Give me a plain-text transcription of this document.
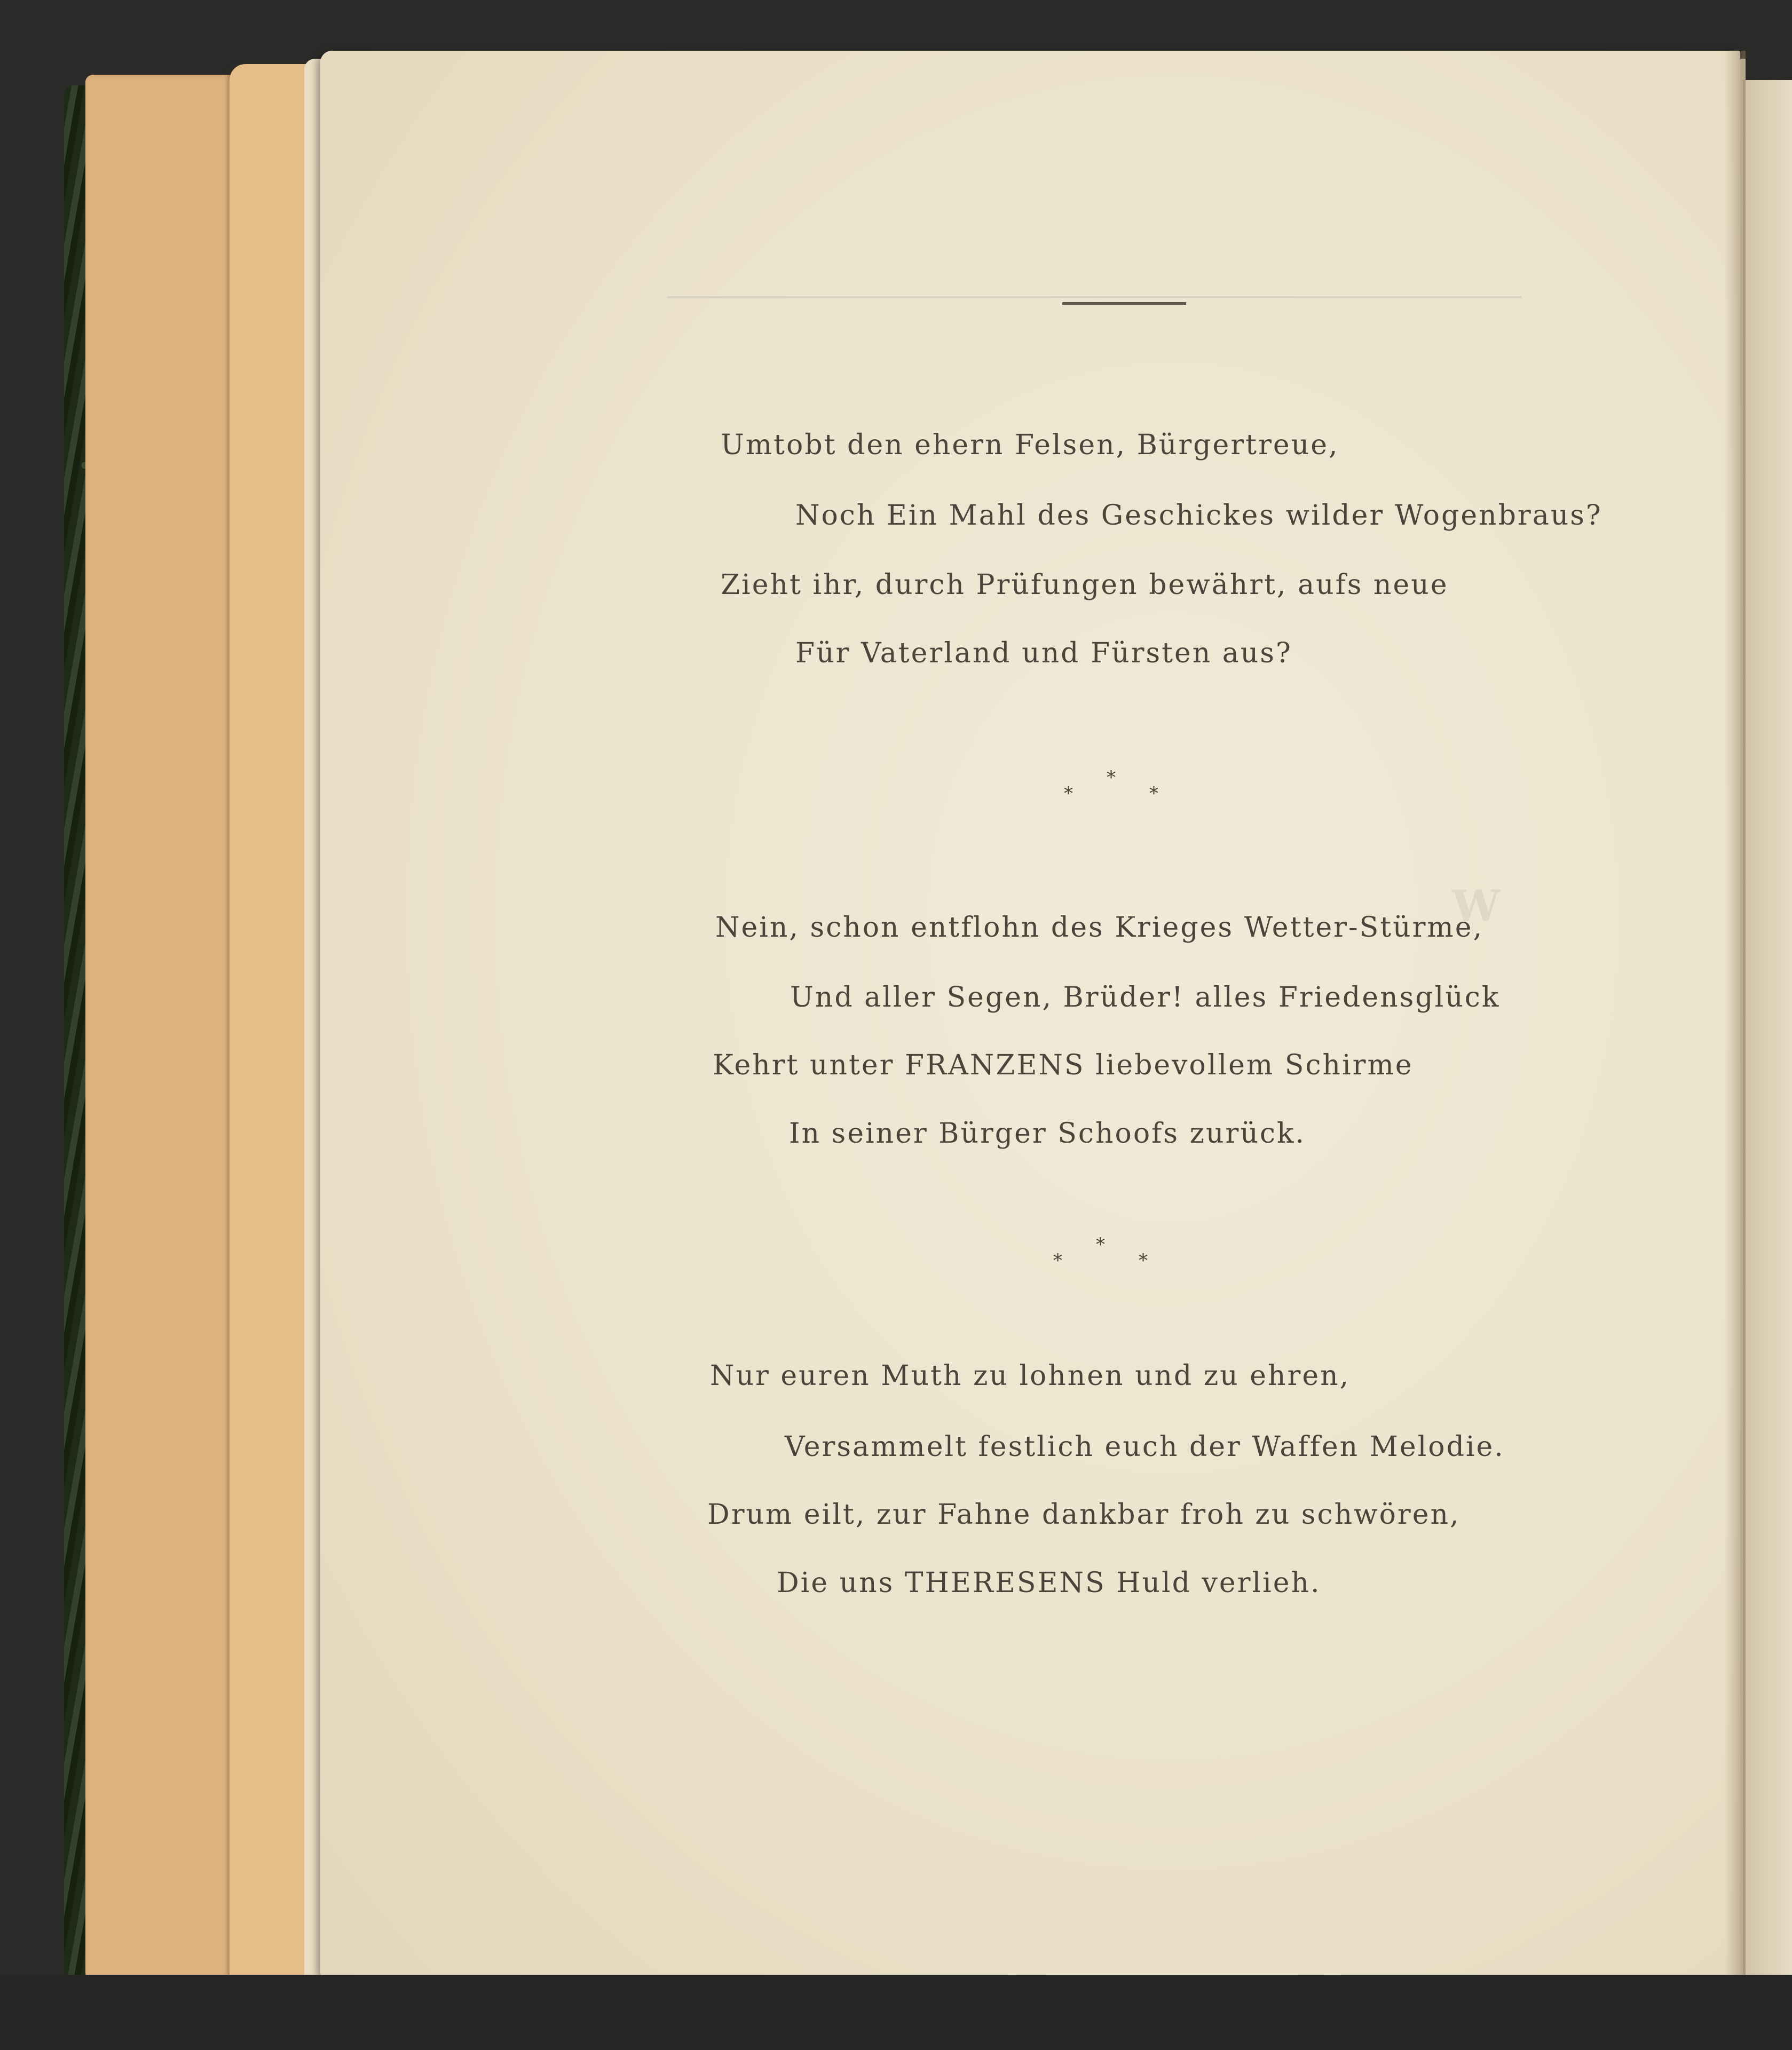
W

Umtobt den ehern Felsen, Bürgertreue,

Noch Ein Mahl des Geschickes wilder Wogenbraus?

Zieht ihr, durch Prüfungen bewährt, aufs neue

Für Vaterland und Fürsten aus?

*
*	*

Nein, schon entflohn des Krieges Wetter-Stürme,

Und aller Segen, Brüder! alles Friedensglück

Kehrt unter FRANZENS liebevollem Schirme

In seiner Bürger Schoofs zurück.

*
*	*

Nur euren Muth zu lohnen und zu ehren,

Versammelt festlich euch der Waffen Melodie.

Drum eilt, zur Fahne dankbar froh zu schwören,

Die uns THERESENS Huld verlieh.
